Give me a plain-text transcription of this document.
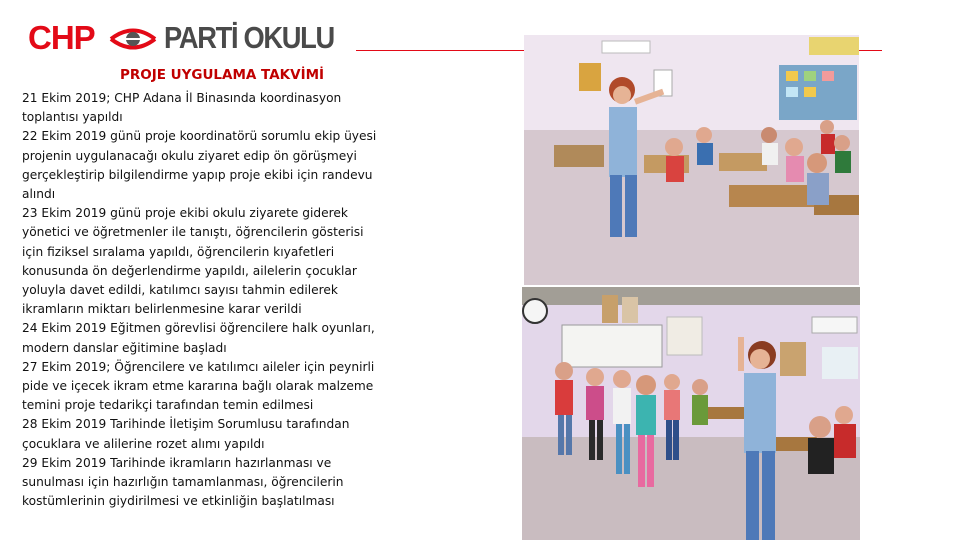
CHP PARTİ OKULU
PROJE UYGULAMA TAKVİMİ

21 Ekim 2019; CHP Adana İl Binasında koordinasyon

toplantısı yapıldı

22 Ekim 2019 günü proje koordinatörü sorumlu ekip üyesi

projenin uygulanacağı okulu ziyaret edip ön görüşmeyi

gerçekleştirip bilgilendirme yapıp proje ekibi için randevu

alındı

23 Ekim 2019 günü proje ekibi okulu ziyarete giderek

yönetici ve öğretmenler ile tanıştı, öğrencilerin gösterisi

için fiziksel sıralama yapıldı, öğrencilerin kıyafetleri

konusunda ön değerlendirme yapıldı, ailelerin çocuklar

yoluyla davet edildi, katılımcı sayısı tahmin edilerek

ikramların miktarı belirlenmesine karar verildi

24 Ekim 2019 Eğitmen görevlisi öğrencilere halk oyunları,

modern danslar eğitimine başladı

27 Ekim 2019; Öğrencilere ve katılımcı aileler için peynirli

pide ve içecek ikram etme kararına bağlı olarak malzeme

temini proje tedarikçi tarafından temin edilmesi

28 Ekim 2019 Tarihinde İletişim Sorumlusu tarafından

çocuklara ve alilerine rozet alımı yapıldı

29 Ekim 2019 Tarihinde ikramların hazırlanması ve

sunulması için hazırlığın tamamlanması, öğrencilerin

kostümlerinin giydirilmesi ve etkinliğin başlatılması
